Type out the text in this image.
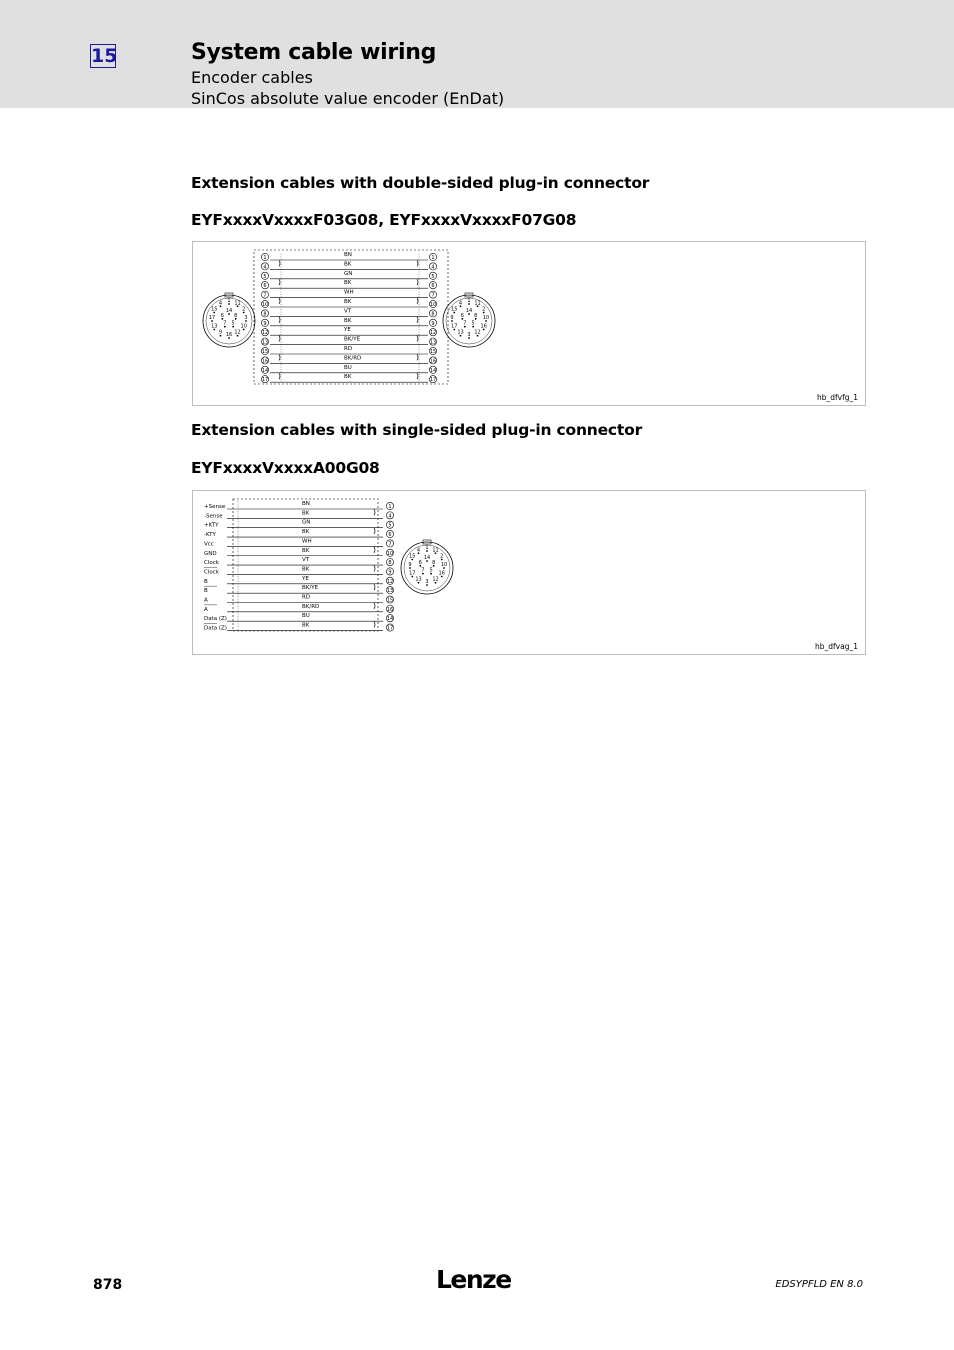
15	System cable wiring
Encoder cables
SinCos absolute value encoder (EnDat)
Extension cables with double-sided plug-in connector
EYFxxxxVxxxxF03G08, EYFxxxxVxxxxF07G08
1 11
2
3
10
12
16
9
13
17
15
4
14
8
5
7
6
1 11
2
10
16
12
3
13
17
9
15
4
14
8
5
7
6
1	BN	1
4	BK	4
5	GN	5
6	BK	6
7	WH	7
10	BK	10
8	VT	8
9	BK	9
12	YE	12
13	BK/YE	13
15	RD	15
16	BK/RD	16
14	BU	14
17	BK	17
hb_dfvfg_1
Extension cables with single-sided plug-in connector
EYFxxxxVxxxxA00G08
1 11
2
10
16
12
3
13
17
9
15
4
14
8
5
7
6
+Sense	BN	1
-Sense	BK	4
+KTY	GN	5
-KTY	BK	6
Vcc	WH	7
GND	BK	10
Clock	VT	8
Clock	BK	9
B	YE	12
B	BK/YE	13
A	RD	15
A	BK/RD	16
Data (Z)	BU	14
Data (Z)	BK	17
hb_dfvag_1
878	Lenze	EDSYPFLD EN 8.0
